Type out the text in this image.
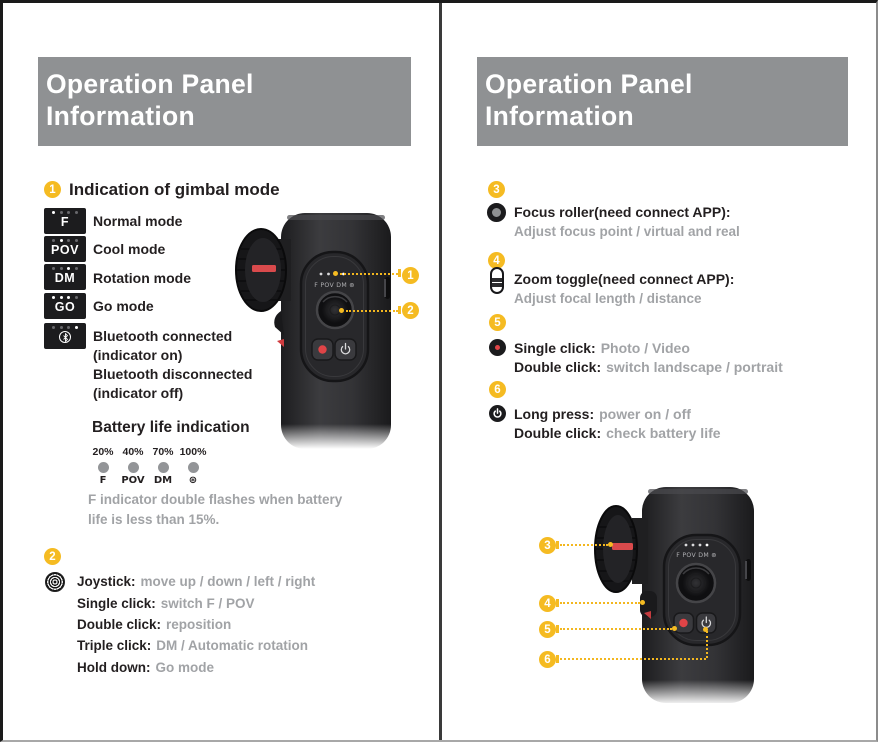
Operation Panel
Information
1 Indication of gimbal mode
F Normal mode
POV Cool mode
DM Rotation mode
GO Go mode
Bluetooth connected
(indicator on)
Bluetooth disconnected
(indicator off)
Battery life indication
20%
F
40%
POV
70%
DM
100%
⊛
F indicator double flashes when battery life is less than 15%.
2
Joystick: move up / down / left / right
Single click: switch F / POV
Double click: reposition
Triple click: DM / Automatic rotation
Hold down: Go mode
F POV DM ⊛
1
2
Operation Panel
Information
3
Focus roller(need connect APP):
Adjust focus point / virtual and real
4
Zoom toggle(need connect APP):
Adjust focal length / distance
5
Single click: Photo / Video
Double click: switch landscape / portrait
6
Long press: power on / off
Double click: check battery life
F POV DM ⊛
3
4
5
6
